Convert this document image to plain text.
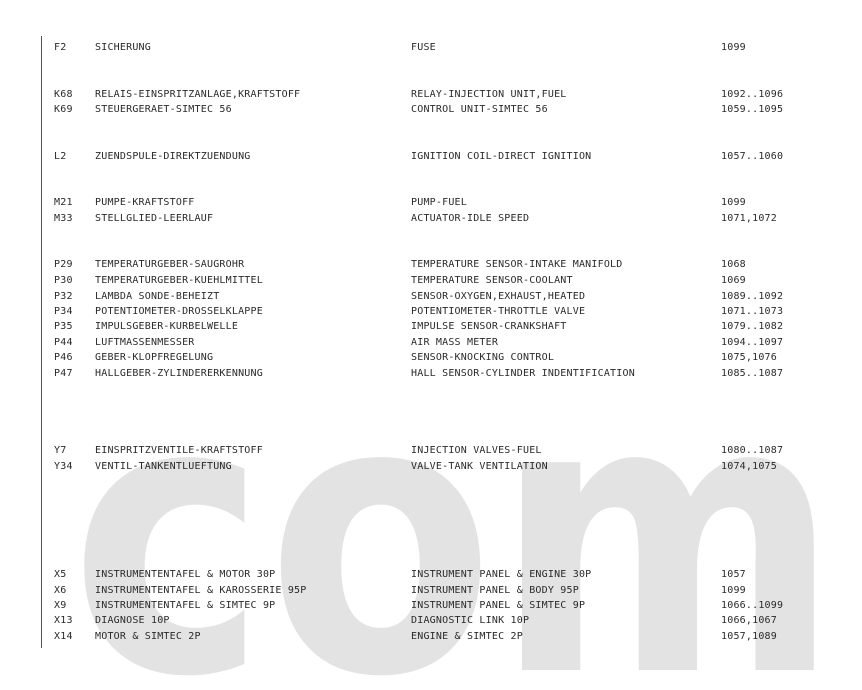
com
F2	SICHERUNG	FUSE	1099
K68 RELAIS-EINSPRITZANLAGE,KRAFTSTOFF	RELAY-INJECTION UNIT,FUEL	1092..1096
K69 STEUERGERAET-SIMTEC 56	CONTROL UNIT-SIMTEC 56	1059..1095
L2	ZUENDSPULE-DIREKTZUENDUNG	IGNITION COIL-DIRECT IGNITION	1057..1060
M21 PUMPE-KRAFTSTOFF	PUMP-FUEL	1099
M33 STELLGLIED-LEERLAUF	ACTUATOR-IDLE SPEED	1071,1072
P29 TEMPERATURGEBER-SAUGROHR	TEMPERATURE SENSOR-INTAKE MANIFOLD	1068
P30 TEMPERATURGEBER-KUEHLMITTEL	TEMPERATURE SENSOR-COOLANT	1069
P32 LAMBDA SONDE-BEHEIZT	SENSOR-OXYGEN,EXHAUST,HEATED	1089..1092
P34 POTENTIOMETER-DROSSELKLAPPE	POTENTIOMETER-THROTTLE VALVE	1071..1073
P35 IMPULSGEBER-KURBELWELLE	IMPULSE SENSOR-CRANKSHAFT	1079..1082
P44 LUFTMASSENMESSER	AIR MASS METER	1094..1097
P46 GEBER-KLOPFREGELUNG	SENSOR-KNOCKING CONTROL	1075,1076
P47 HALLGEBER-ZYLINDERERKENNUNG	HALL SENSOR-CYLINDER INDENTIFICATION	1085..1087
Y7	EINSPRITZVENTILE-KRAFTSTOFF	INJECTION VALVES-FUEL	1080..1087
Y34 VENTIL-TANKENTLUEFTUNG	VALVE-TANK VENTILATION	1074,1075
X5	INSTRUMENTENTAFEL & MOTOR 30P	INSTRUMENT PANEL & ENGINE 30P	1057
X6	INSTRUMENTENTAFEL & KAROSSERIE 95P	INSTRUMENT PANEL & BODY 95P	1099
X9	INSTRUMENTENTAFEL & SIMTEC 9P	INSTRUMENT PANEL & SIMTEC 9P	1066..1099
X13 DIAGNOSE 10P	DIAGNOSTIC LINK 10P	1066,1067
X14 MOTOR & SIMTEC 2P	ENGINE & SIMTEC 2P	1057,1089
